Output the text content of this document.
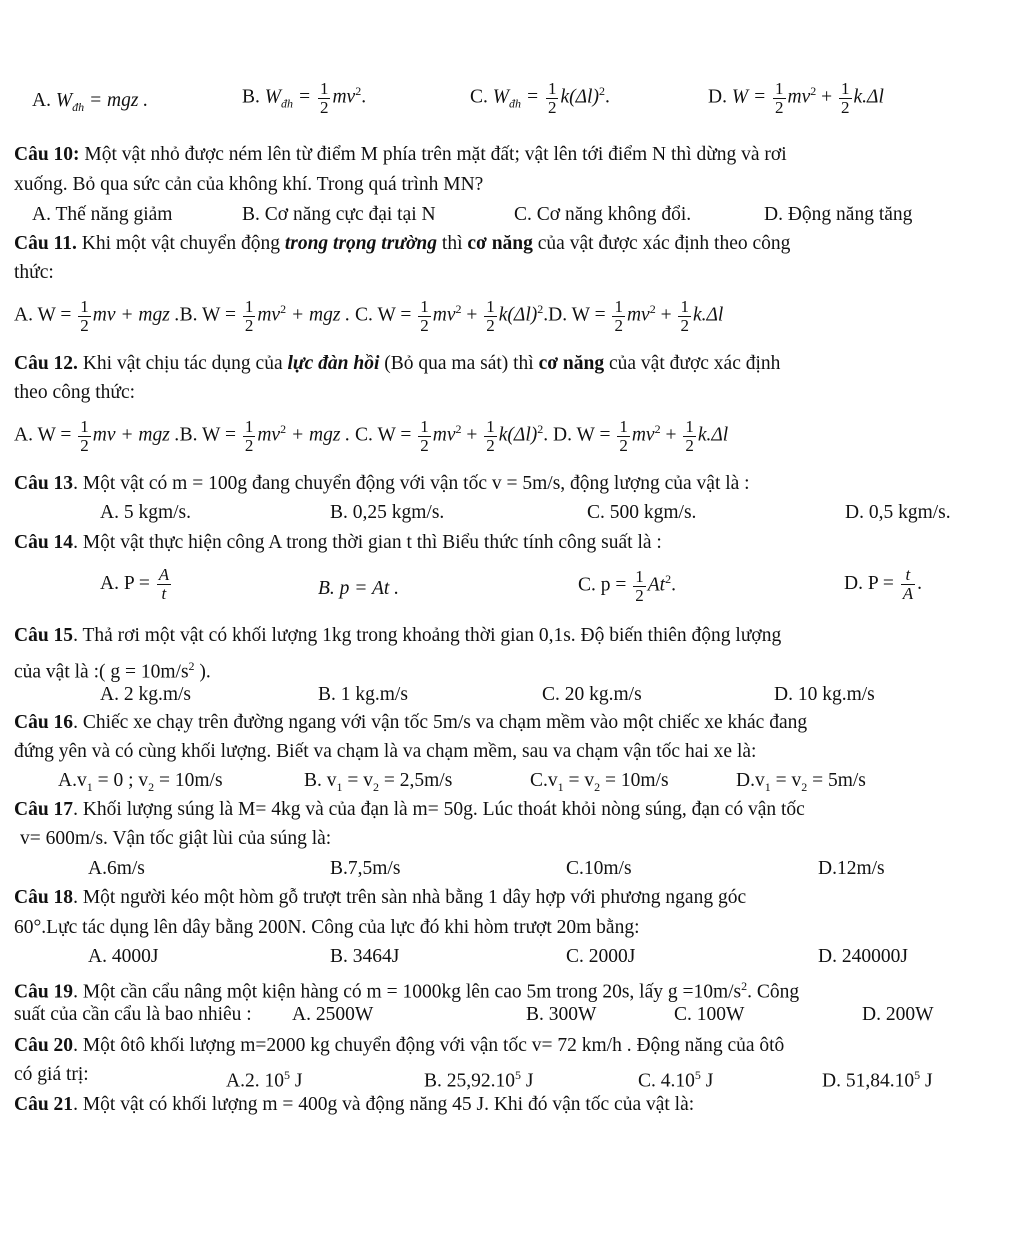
A. $W_{đh}$ = mgz .	B. $W_{đh} = \frac{1}{2} mv^2$.	C. $W_{đh} = \frac{1}{2} k(\Delta l)^2$.	D. $W = \frac{1}{2} mv^2 + \frac{1}{2} k.\Delta l$
Câu 10: Một vật nhỏ được ném lên từ điểm M phía trên mặt đất; vật lên tới điểm N thì dừng và rơi
xuống. Bỏ qua sức cản của không khí. Trong quá trình MN?
A. Thế năng giảm	B. Cơ năng cực đại tại N	C. Cơ năng không đổi.	D. Động năng tăng
Câu 11. Khi một vật chuyển động trong trọng trường thì cơ năng của vật được xác định theo công
thức:
A. $W = \frac{1}{2}$ mv + mgz .B. $W = \frac{1}{2} mv^2$ + mgz . C. $W = \frac{1}{2} mv^2 + \frac{1}{2} k(\Delta l)^2.D$. $W = \frac{1}{2} mv^2 + \frac{1}{2} k.\Delta l$
Câu 12. Khi vật chịu tác dụng của lực đàn hồi (Bỏ qua ma sát) thì cơ năng của vật được xác định
theo công thức:
A. $W = \frac{1}{2}$ mv + mgz .B. $W = \frac{1}{2} mv^2$ + mgz . C. $W = \frac{1}{2} mv^2 + \frac{1}{2} k(\Delta l)^2$. D. $W = \frac{1}{2} mv^2 + \frac{1}{2} k.\Delta l$
Câu 13. Một vật có m = 100g đang chuyển động với vận tốc v = 5m/s, động lượng của vật là :
A. 5 kgm/s.	B. 0,25 kgm/s.	C. 500 kgm/s.	D. 0,5 kgm/s.
Câu 14. Một vật thực hiện công A trong thời gian t thì Biểu thức tính công suất là :
A. $P = \frac{A}{t}$	B. p = At .	C. $p = \frac{1}{2} At^2$.	D. $P = \frac{t}{A}$ .
Câu 15. Thả rơi một vật có khối lượng 1kg trong khoảng thời gian 0,1s. Độ biến thiên động lượng
của vật là :( $g = 10m/s^2$ ).
A. 2 kg.m/s	B. 1 kg.m/s	C. 20 kg.m/s	D. 10 kg.m/s
Câu 16. Chiếc xe chạy trên đường ngang với vận tốc 5m/s va chạm mềm vào một chiếc xe khác đang
đứng yên và có cùng khối lượng. Biết va chạm là va chạm mềm, sau va chạm vận tốc hai xe là:
$A.v_1 = 0$ ; $v_2 = 10m/s$	B. $v_1 = v_2 = 2,5m/s$	$C.v_1 = v_2 = 10m/s$	$D.v_1 = v_2 = 5m/s$
Câu 17. Khối lượng súng là M= 4kg và của đạn là m= 50g. Lúc thoát khỏi nòng súng, đạn có vận tốc
v= 600m/s. Vận tốc giật lùi của súng là:
A.6m/s	B.7,5m/s	C.10m/s	D.12m/s
Câu 18. Một người kéo một hòm gỗ trượt trên sàn nhà bằng 1 dây hợp với phương ngang góc
60°.Lực tác dụng lên dây bằng 200N. Công của lực đó khi hòm trượt 20m bằng:
A. 4000J	B. 3464J	C. 2000J	D. 240000J
Câu 19. Một cần cẩu nâng một kiện hàng có m = 1000kg lên cao 5m trong 20s, lấy $g =10m/s^2$. Công
suất của cần cẩu là bao nhiêu : A. 2500W	B. 300W	C. 100W	D. 200W
Câu 20. Một ôtô khối lượng m=2000 kg chuyển động với vận tốc v= 72 km/h . Động năng của ôtô
có giá trị:	A.2. $10^5$ J	B. 25,92.10$^5$ J	C. 4.10$^5$ J	D. 51,84.10$^5$ J
Câu 21. Một vật có khối lượng m = 400g và động năng 45 J. Khi đó vận tốc của vật là:
